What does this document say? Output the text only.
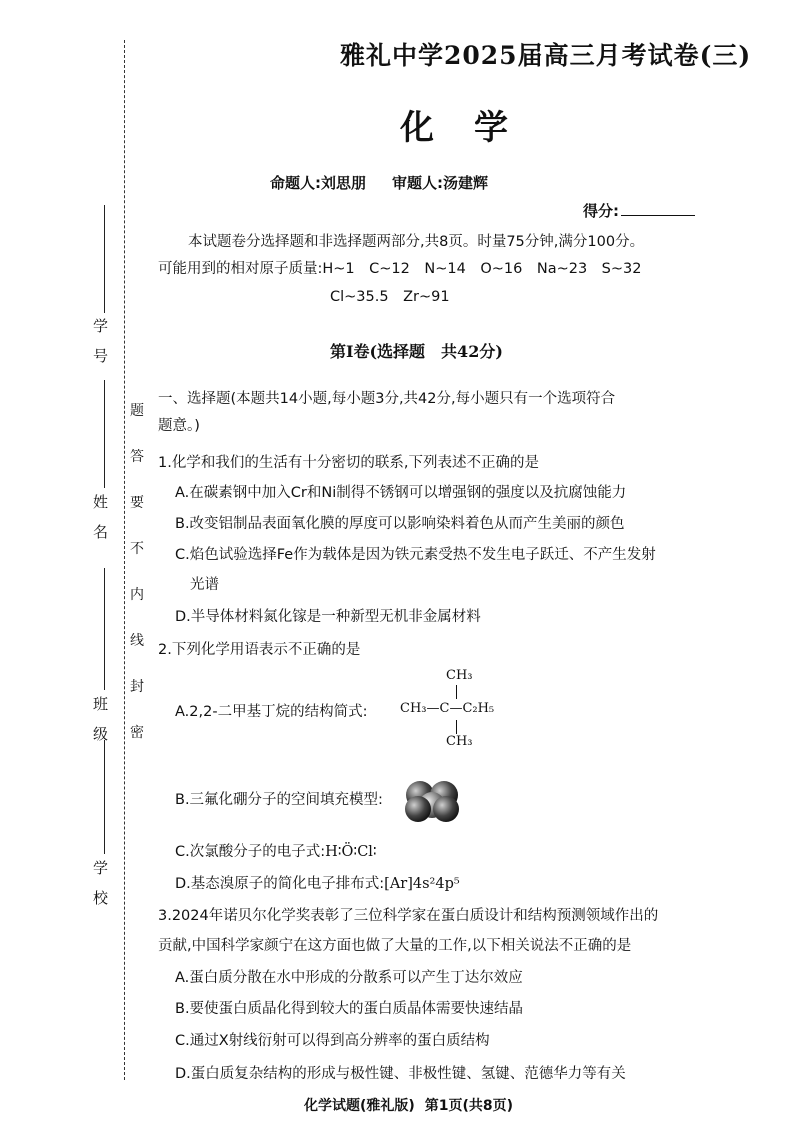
学　号
姓　名
班　级
学　校
题
答
要
不
内
线
封
密
雅礼中学2025届高三月考试卷(三)
化学
命题人:刘思朋 审题人:汤建辉
得分:
本试题卷分选择题和非选择题两部分,共8页。时量75分钟,满分100分。
可能用到的相对原子质量:H~1　C~12　N~14　O~16　Na~23　S~32
Cl~35.5　Zr~91
第Ⅰ卷(选择题　共42分)
一、选择题(本题共14小题,每小题3分,共42分,每小题只有一个选项符合
题意。)
1.化学和我们的生活有十分密切的联系,下列表述不正确的是
A.在碳素钢中加入Cr和Ni制得不锈钢可以增强钢的强度以及抗腐蚀能力
B.改变铝制品表面氧化膜的厚度可以影响染料着色从而产生美丽的颜色
C.焰色试验选择Fe作为载体是因为铁元素受热不发生电子跃迁、不产生发射
光谱
D.半导体材料氮化镓是一种新型无机非金属材料
2.下列化学用语表示不正确的是
A.2,2-二甲基丁烷的结构简式:
CH₃
CH₃—C—C₂H₅
CH₃
B.三氟化硼分子的空间填充模型:
C.次氯酸分子的电子式:H∶Ö∶Cl∶
D.基态溴原子的简化电子排布式:[Ar]4s²4p⁵
3.2024年诺贝尔化学奖表彰了三位科学家在蛋白质设计和结构预测领域作出的
贡献,中国科学家颜宁在这方面也做了大量的工作,以下相关说法不正确的是
A.蛋白质分散在水中形成的分散系可以产生丁达尔效应
B.要使蛋白质晶化得到较大的蛋白质晶体需要快速结晶
C.通过X射线衍射可以得到高分辨率的蛋白质结构
D.蛋白质复杂结构的形成与极性键、非极性键、氢键、范德华力等有关
化学试题(雅礼版) 第1页(共8页)
